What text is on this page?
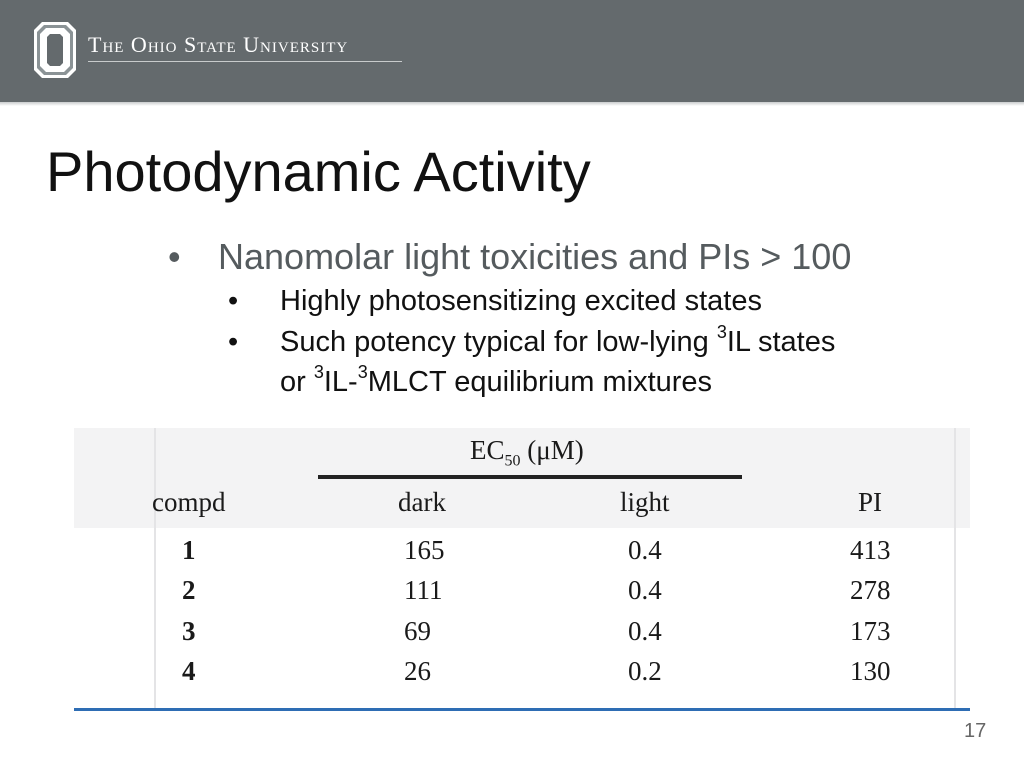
The Ohio State University
Photodynamic Activity
• Nanomolar light toxicities and PIs > 100
• Highly photosensitizing excited states
• Such potency typical for low-lying $^3$IL states
or $^3$IL-$^3$MLCT equilibrium mixtures
$EC_{50}$ (μM)
compd	dark	light	PI
1	165	0.4	413
2	111	0.4	278
3	69	0.4	173
4	26	0.2	130
17
